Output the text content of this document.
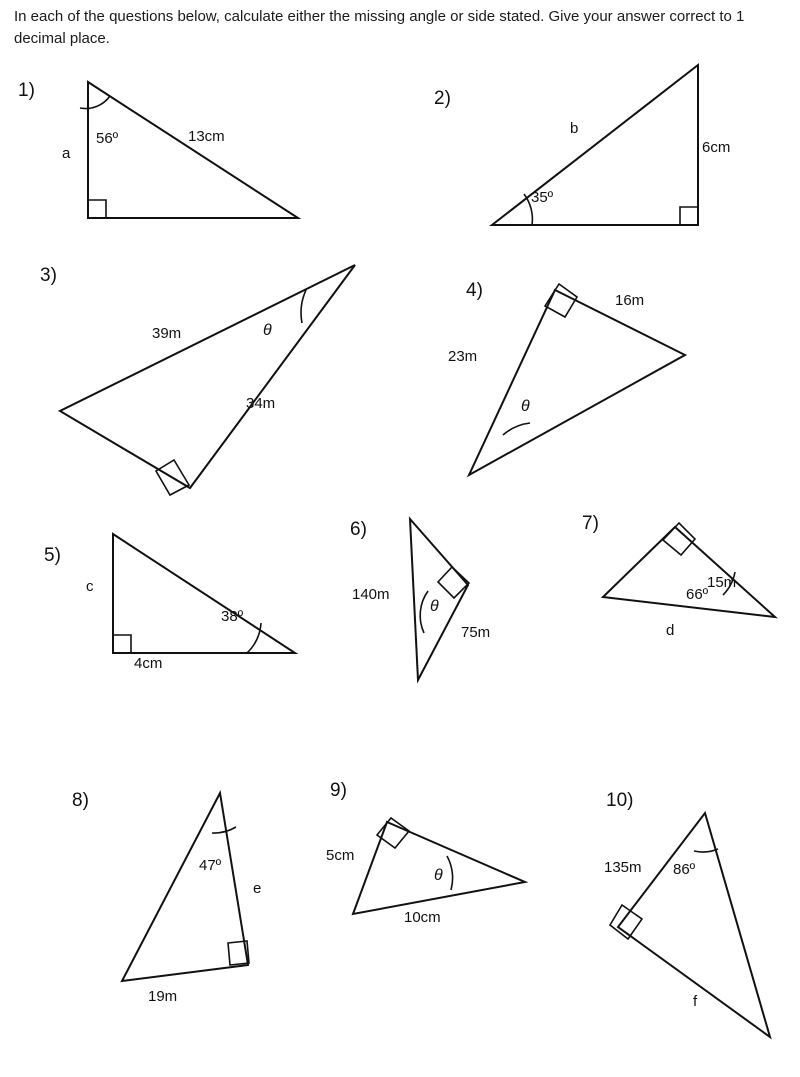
In each of the questions below, calculate either the missing angle or side stated. Give your answer correct to 1 decimal place.
1)
56º	13cm
a
2)
b
6cm
35º
3)
39m
34m
θ
4)	16m
23m
θ
5)
c
38º
4cm
6)
140m
75m
θ
7)
15m
66º
d
8)
47º
e
19m
9)
5cm
θ
10cm
10)
135m 86º
f
